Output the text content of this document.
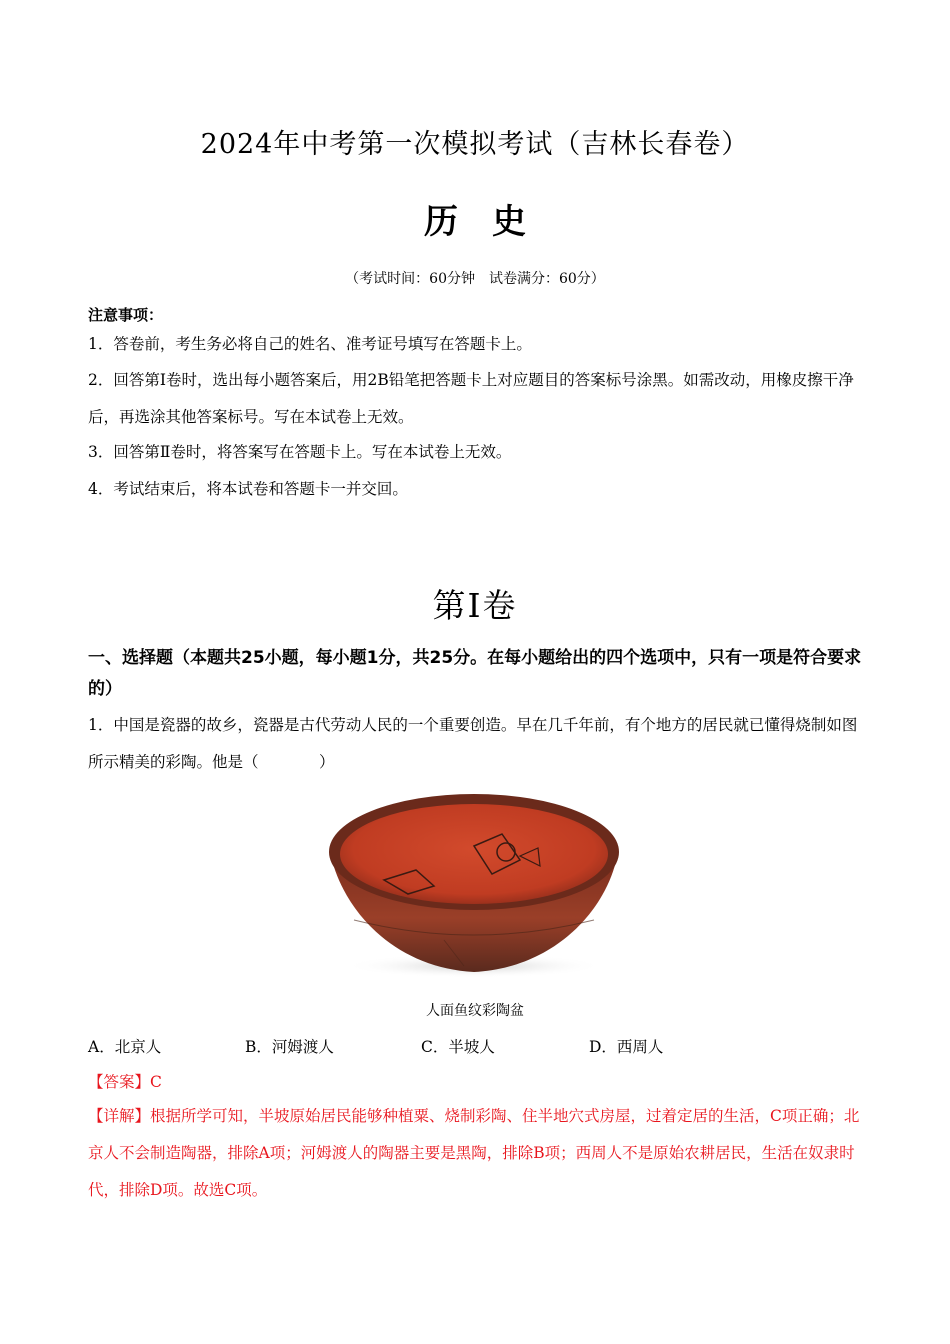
2024年中考第一次模拟考试（吉林长春卷）
历史
（考试时间：60分钟　试卷满分：60分）
注意事项：
1．答卷前，考生务必将自己的姓名、准考证号填写在答题卡上。
2．回答第Ⅰ卷时，选出每小题答案后，用2B铅笔把答题卡上对应题目的答案标号涂黑。如需改动，用橡皮擦干净后，再选涂其他答案标号。写在本试卷上无效。
3．回答第Ⅱ卷时，将答案写在答题卡上。写在本试卷上无效。
4．考试结束后，将本试卷和答题卡一并交回。
第Ⅰ卷
一、选择题（本题共25小题，每小题1分，共25分。在每小题给出的四个选项中，只有一项是符合要求的）
1．中国是瓷器的故乡，瓷器是古代劳动人民的一个重要创造。早在几千年前，有个地方的居民就已懂得烧制如图所示精美的彩陶。他是（	）
人面鱼纹彩陶盆
A．北京人	B．河姆渡人	C．半坡人	D．西周人
【答案】C
【详解】根据所学可知，半坡原始居民能够种植粟、烧制彩陶、住半地穴式房屋，过着定居的生活，C项正确；北京人不会制造陶器，排除A项；河姆渡人的陶器主要是黑陶，排除B项；西周人不是原始农耕居民，生活在奴隶时代，排除D项。故选C项。
